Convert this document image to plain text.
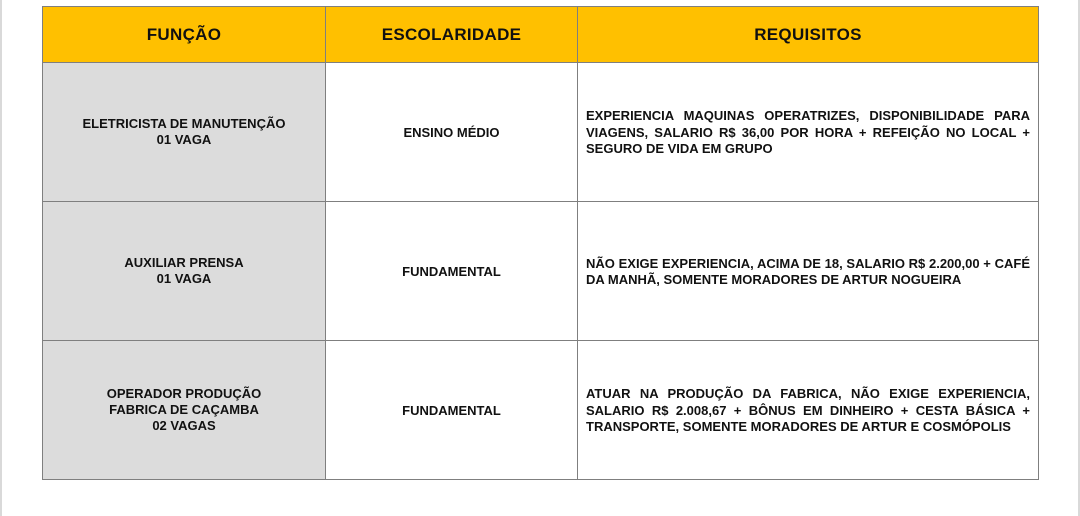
FUNÇÃO	ESCOLARIDADE	REQUISITOS

ELETRICISTA DE MANUTENÇÃO
01 VAGA	ENSINO MÉDIO	EXPERIENCIA MAQUINAS OPERATRIZES, DISPONIBILIDADE PARA VIAGENS, SALARIO R$ 36,00 POR HORA + REFEIÇÃO NO LOCAL + SEGURO DE VIDA EM GRUPO

AUXILIAR PRENSA
01 VAGA	FUNDAMENTAL	NÃO EXIGE EXPERIENCIA, ACIMA DE 18, SALARIO R$ 2.200,00 + CAFÉ DA MANHÃ, SOMENTE MORADORES DE ARTUR NOGUEIRA

OPERADOR PRODUÇÃO
FABRICA DE CAÇAMBA
02 VAGAS	FUNDAMENTAL	ATUAR NA PRODUÇÃO DA FABRICA, NÃO EXIGE EXPERIENCIA, SALARIO R$ 2.008,67 + BÔNUS EM DINHEIRO + CESTA BÁSICA + TRANSPORTE, SOMENTE MORADORES DE ARTUR E COSMÓPOLIS
